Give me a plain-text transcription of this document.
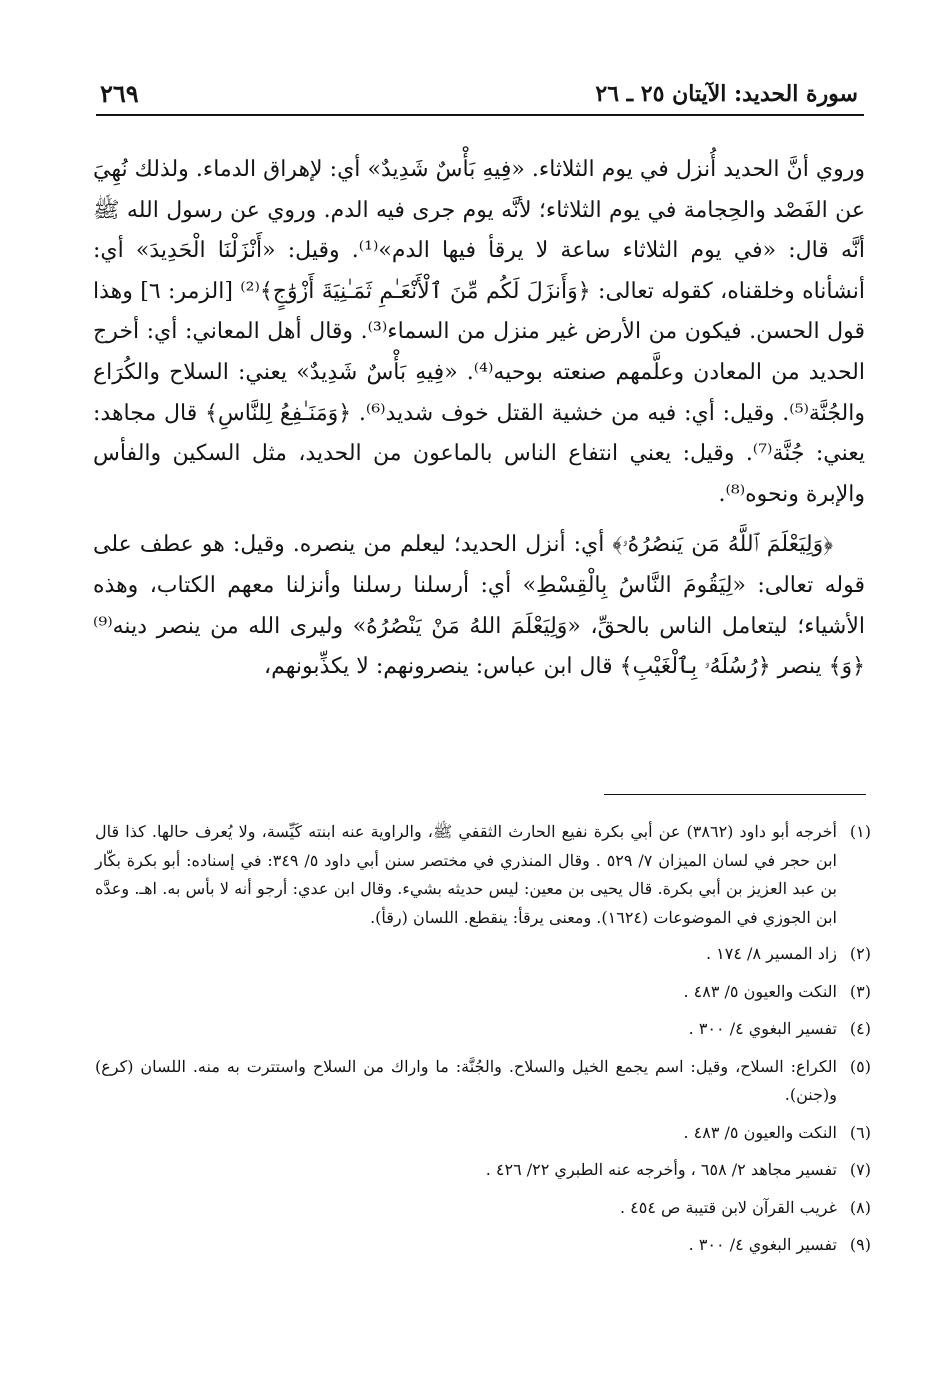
سورة الحديد: الآيتان ٢٥ ـ ٢٦
٢٦٩

وروي أنَّ الحديد أُنزل في يوم الثلاثاء. «فِيهِ بَأْسٌ شَدِيدٌ» أي: لإهراق الدماء. ولذلك نُهِيَ عن الفَصْد والحِجامة في يوم الثلاثاء؛ لأنَّه يوم جرى فيه الدم. وروي عن رسول الله ﷺ أنَّه قال: «في يوم الثلاثاء ساعة لا يرقأ فيها الدم»⁽¹⁾. وقيل: «أَنْزَلْنَا الْحَدِيدَ» أي: أنشأناه وخلقناه، كقوله تعالى: ﴿وَأَنزَلَ لَكُم مِّنَ ٱلْأَنْعَـٰمِ ثَمَـٰنِيَةَ أَزْوَٰجٍ﴾⁽²⁾ [الزمر: ٦] وهذا قول الحسن. فيكون من الأرض غير منزل من السماء⁽³⁾. وقال أهل المعاني: أي: أخرج الحديد من المعادن وعلَّمهم صنعته بوحيه⁽⁴⁾. «فِيهِ بَأْسٌ شَدِيدٌ» يعني: السلاح والكُرَاع والجُنَّة⁽⁵⁾. وقيل: أي: فيه من خشية القتل خوف شديد⁽⁶⁾. ﴿وَمَنَـٰفِعُ لِلنَّاسِ﴾ قال مجاهد: يعني: جُنَّة⁽⁷⁾. وقيل: يعني انتفاع الناس بالماعون من الحديد، مثل السكين والفأس والإبرة ونحوه⁽⁸⁾.

﴿وَلِيَعْلَمَ ٱللَّهُ مَن يَنصُرُهُۥ﴾ أي: أنزل الحديد؛ ليعلم من ينصره. وقيل: هو عطف على قوله تعالى: «لِيَقُومَ النَّاسُ بِالْقِسْطِ» أي: أرسلنا رسلنا وأنزلنا معهم الكتاب، وهذه الأشياء؛ ليتعامل الناس بالحقِّ، «وَلِيَعْلَمَ اللهُ مَنْ يَنْصُرُهُ» وليرى الله من ينصر دينه⁽⁹⁾ ﴿وَ﴾ ينصر ﴿رُسُلَهُۥ بِٱلْغَيْبِ﴾ قال ابن عباس: ينصرونهم: لا يكذِّبونهم،

(١)
أخرجه أبو داود (٣٨٦٢) عن أبي بكرة نفيع الحارث الثقفي ﷺ، والراوية عنه ابنته كَيِّسة، ولا يُعرف حالها. كذا قال ابن حجر في لسان الميزان ٧/ ٥٢٩ . وقال المنذري في مختصر سنن أبي داود ٥/ ٣٤٩: في إسناده: أبو بكرة بكّار بن عبد العزيز بن أبي بكرة. قال يحيى بن معين: ليس حديثه بشيء. وقال ابن عدي: أرجو أنه لا بأس به. اهـ. وعدَّه ابن الجوزي في الموضوعات (١٦٢٤). ومعنى يرقأ: ينقطع. اللسان (رقأ).
(٢)
زاد المسير ٨/ ١٧٤ .
(٣)
النكت والعيون ٥/ ٤٨٣ .
(٤)
تفسير البغوي ٤/ ٣٠٠ .
(٥)
الكراع: السلاح، وقيل: اسم يجمع الخيل والسلاح. والجُنَّة: ما واراك من السلاح واستترت به منه. اللسان (كرع) و(جنن).
(٦)
النكت والعيون ٥/ ٤٨٣ .
(٧)
تفسير مجاهد ٢/ ٦٥٨ ، وأخرجه عنه الطبري ٢٢/ ٤٢٦ .
(٨)
غريب القرآن لابن قتيبة ص ٤٥٤ .
(٩)
تفسير البغوي ٤/ ٣٠٠ .
